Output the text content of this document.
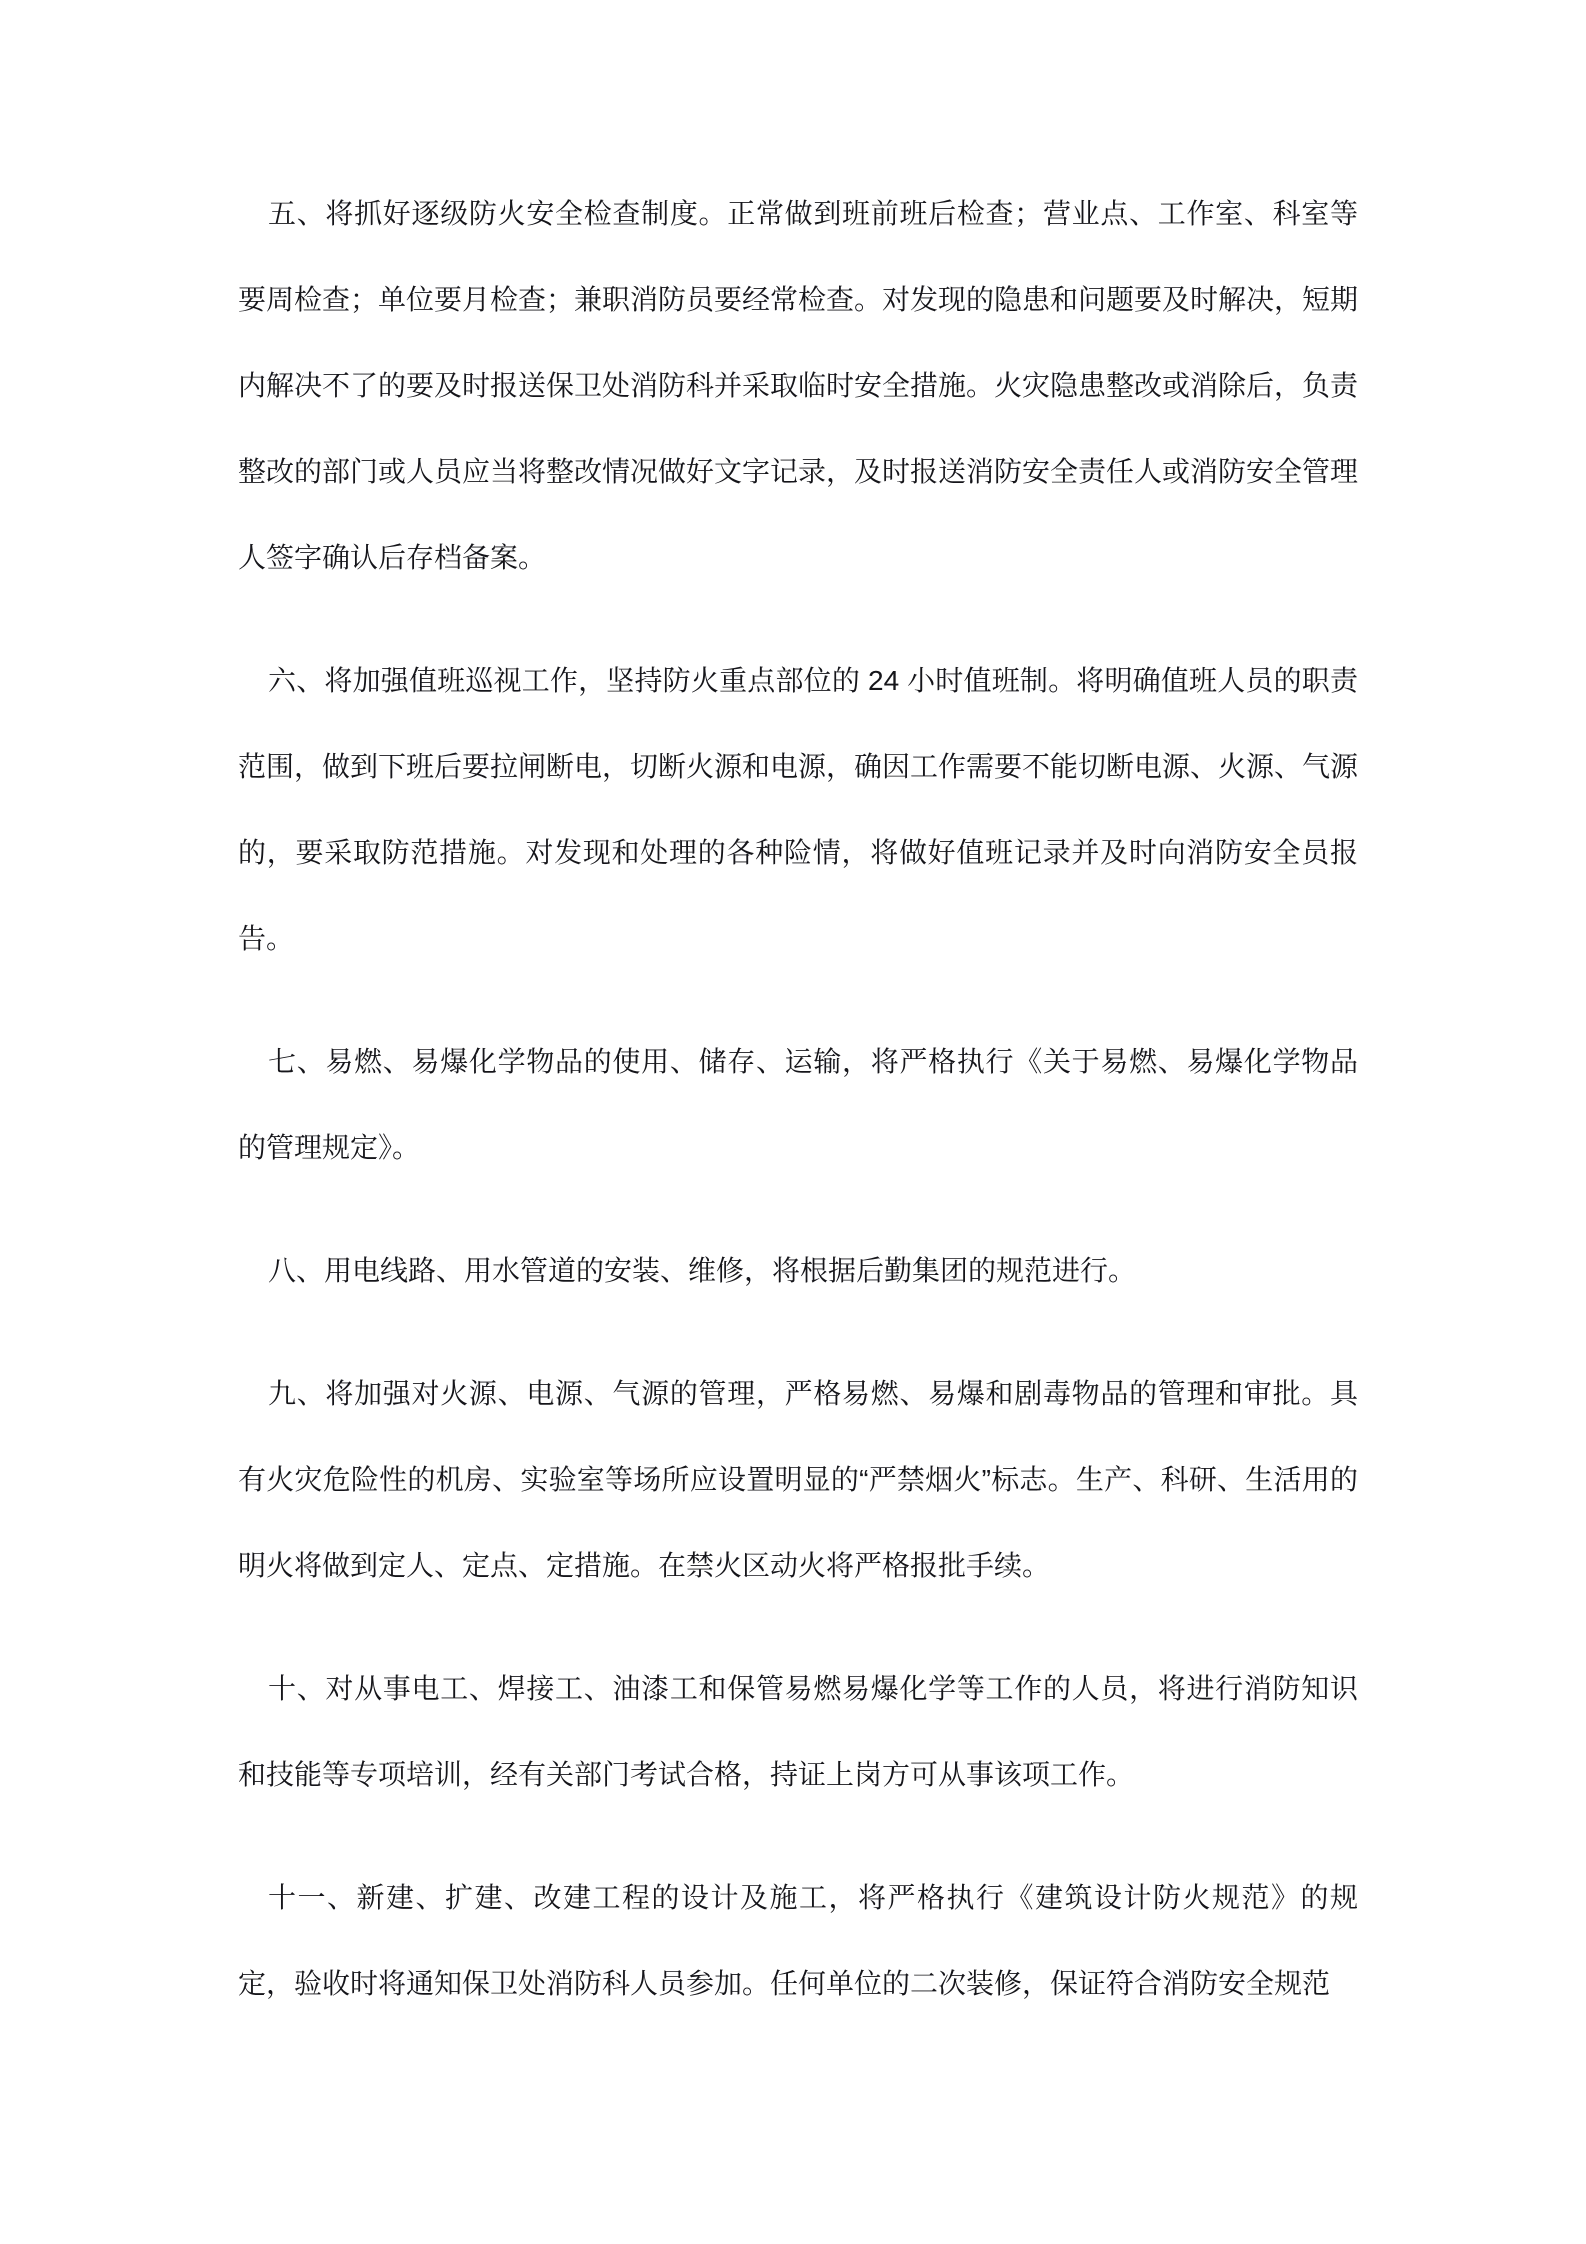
五、将抓好逐级防火安全检查制度。正常做到班前班后检查；营业点、工作室、科室等要周检查；单位要月检查；兼职消防员要经常检查。对发现的隐患和问题要及时解决，短期内解决不了的要及时报送保卫处消防科并采取临时安全措施。火灾隐患整改或消除后，负责整改的部门或人员应当将整改情况做好文字记录，及时报送消防安全责任人或消防安全管理人签字确认后存档备案。

六、将加强值班巡视工作，坚持防火重点部位的 24 小时值班制。将明确值班人员的职责范围，做到下班后要拉闸断电，切断火源和电源，确因工作需要不能切断电源、火源、气源的，要采取防范措施。对发现和处理的各种险情，将做好值班记录并及时向消防安全员报告。

七、易燃、易爆化学物品的使用、储存、运输，将严格执行《关于易燃、易爆化学物品的管理规定》。

八、用电线路、用水管道的安装、维修，将根据后勤集团的规范进行。

九、将加强对火源、电源、气源的管理，严格易燃、易爆和剧毒物品的管理和审批。具有火灾危险性的机房、实验室等场所应设置明显的“严禁烟火”标志。生产、科研、生活用的明火将做到定人、定点、定措施。在禁火区动火将严格报批手续。

十、对从事电工、焊接工、油漆工和保管易燃易爆化学等工作的人员，将进行消防知识和技能等专项培训，经有关部门考试合格，持证上岗方可从事该项工作。

十一、新建、扩建、改建工程的设计及施工，将严格执行《建筑设计防火规范》的规定，验收时将通知保卫处消防科人员参加。任何单位的二次装修，保证符合消防安全规范
